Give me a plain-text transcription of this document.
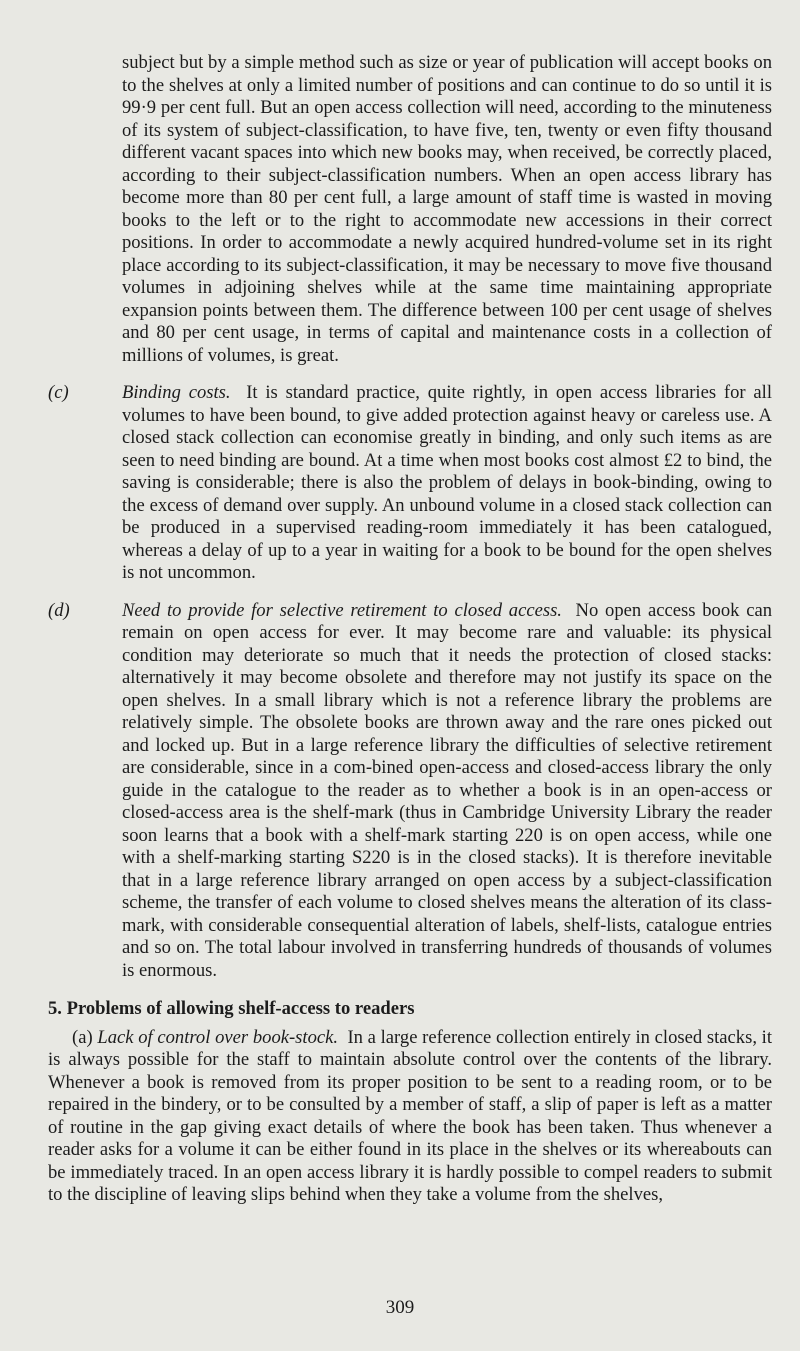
subject but by a simple method such as size or year of publication will accept books on to the shelves at only a limited number of positions and can continue to do so until it is 99·9 per cent full. But an open access collection will need, according to the minuteness of its system of subject-classification, to have five, ten, twenty or even fifty thousand different vacant spaces into which new books may, when received, be correctly placed, according to their subject-classification numbers. When an open access library has become more than 80 per cent full, a large amount of staff time is wasted in moving books to the left or to the right to accommodate new accessions in their correct positions. In order to accommodate a newly acquired hundred-volume set in its right place according to its subject-classification, it may be necessary to move five thousand volumes in adjoining shelves while at the same time maintaining appropriate expansion points between them. The difference between 100 per cent usage of shelves and 80 per cent usage, in terms of capital and maintenance costs in a collection of millions of volumes, is great.

(c)	Binding costs. It is standard practice, quite rightly, in open access libraries for all volumes to have been bound, to give added protection against heavy or careless use. A closed stack collection can economise greatly in binding, and only such items as are seen to need binding are bound. At a time when most books cost almost £2 to bind, the saving is considerable; there is also the problem of delays in book-binding, owing to the excess of demand over supply. An unbound volume in a closed stack collection can be produced in a supervised reading-room immediately it has been catalogued, whereas a delay of up to a year in waiting for a book to be bound for the open shelves is not uncommon.

(d)	Need to provide for selective retirement to closed access. No open access book can remain on open access for ever. It may become rare and valuable: its physical condition may deteriorate so much that it needs the protection of closed stacks: alternatively it may become obsolete and therefore may not justify its space on the open shelves. In a small library which is not a reference library the problems are relatively simple. The obsolete books are thrown away and the rare ones picked out and locked up. But in a large reference library the difficulties of selective retirement are considerable, since in a com-bined open-access and closed-access library the only guide in the catalogue to the reader as to whether a book is in an open-access or closed-access area is the shelf-mark (thus in Cambridge University Library the reader soon learns that a book with a shelf-mark starting 220 is on open access, while one with a shelf-marking starting S220 is in the closed stacks). It is therefore inevitable that in a large reference library arranged on open access by a subject-classification scheme, the transfer of each volume to closed shelves means the alteration of its class-mark, with considerable consequential alteration of labels, shelf-lists, catalogue entries and so on. The total labour involved in transferring hundreds of thousands of volumes is enormous.

5. Problems of allowing shelf-access to readers

(a) Lack of control over book-stock. In a large reference collection entirely in closed stacks, it is always possible for the staff to maintain absolute control over the contents of the library. Whenever a book is removed from its proper position to be sent to a reading room, or to be repaired in the bindery, or to be consulted by a member of staff, a slip of paper is left as a matter of routine in the gap giving exact details of where the book has been taken. Thus whenever a reader asks for a volume it can be either found in its place in the shelves or its whereabouts can be immediately traced. In an open access library it is hardly possible to compel readers to submit to the discipline of leaving slips behind when they take a volume from the shelves,

309
